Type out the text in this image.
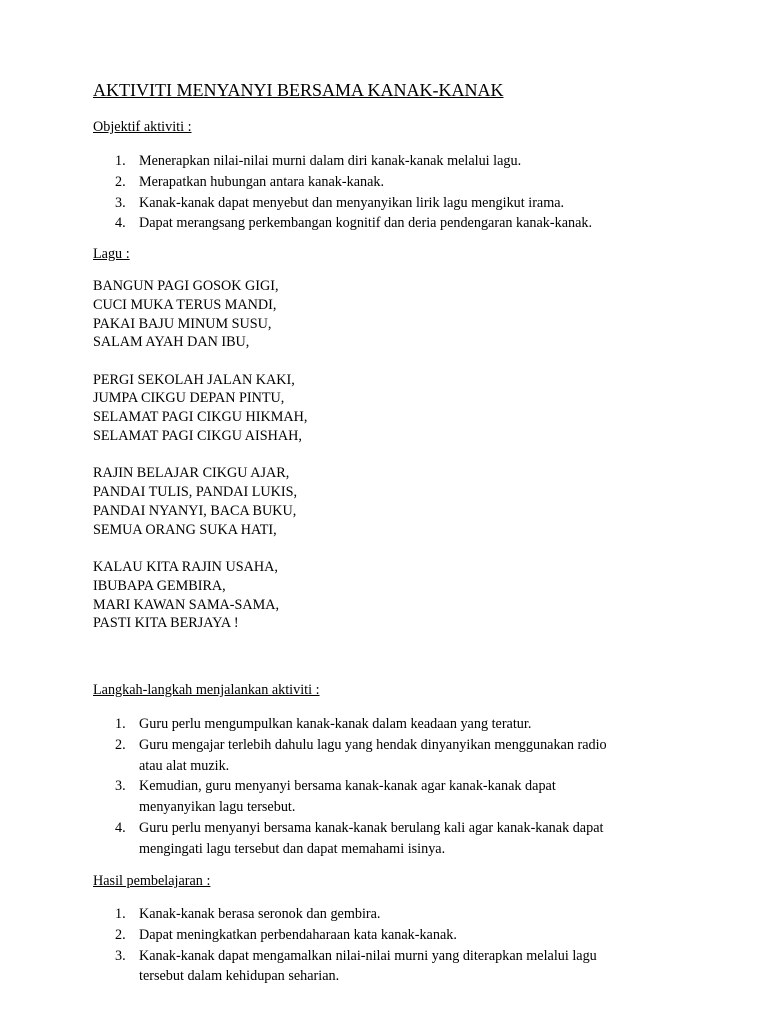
AKTIVITI MENYANYI BERSAMA KANAK-KANAK
Objektif aktiviti :
1. Menerapkan nilai-nilai murni dalam diri kanak-kanak melalui lagu.
2. Merapatkan hubungan antara kanak-kanak.
3. Kanak-kanak dapat menyebut dan menyanyikan lirik lagu mengikut irama.
4. Dapat merangsang perkembangan kognitif dan deria pendengaran kanak-kanak.
Lagu :
BANGUN PAGI GOSOK GIGI,
CUCI MUKA TERUS MANDI,
PAKAI BAJU MINUM SUSU,
SALAM AYAH DAN IBU,
PERGI SEKOLAH JALAN KAKI,
JUMPA CIKGU DEPAN PINTU,
SELAMAT PAGI CIKGU HIKMAH,
SELAMAT PAGI CIKGU AISHAH,
RAJIN BELAJAR CIKGU AJAR,
PANDAI TULIS, PANDAI LUKIS,
PANDAI NYANYI, BACA BUKU,
SEMUA ORANG SUKA HATI,
KALAU KITA RAJIN USAHA,
IBUBAPA GEMBIRA,
MARI KAWAN SAMA-SAMA,
PASTI KITA BERJAYA !
Langkah-langkah menjalankan aktiviti :
1. Guru perlu mengumpulkan kanak-kanak dalam keadaan yang teratur.
2. Guru mengajar terlebih dahulu lagu yang hendak dinyanyikan menggunakan radio
atau alat muzik.
3. Kemudian, guru menyanyi bersama kanak-kanak agar kanak-kanak dapat
menyanyikan lagu tersebut.
4. Guru perlu menyanyi bersama kanak-kanak berulang kali agar kanak-kanak dapat
mengingati lagu tersebut dan dapat memahami isinya.
Hasil pembelajaran :
1. Kanak-kanak berasa seronok dan gembira.
2. Dapat meningkatkan perbendaharaan kata kanak-kanak.
3. Kanak-kanak dapat mengamalkan nilai-nilai murni yang diterapkan melalui lagu
tersebut dalam kehidupan seharian.
